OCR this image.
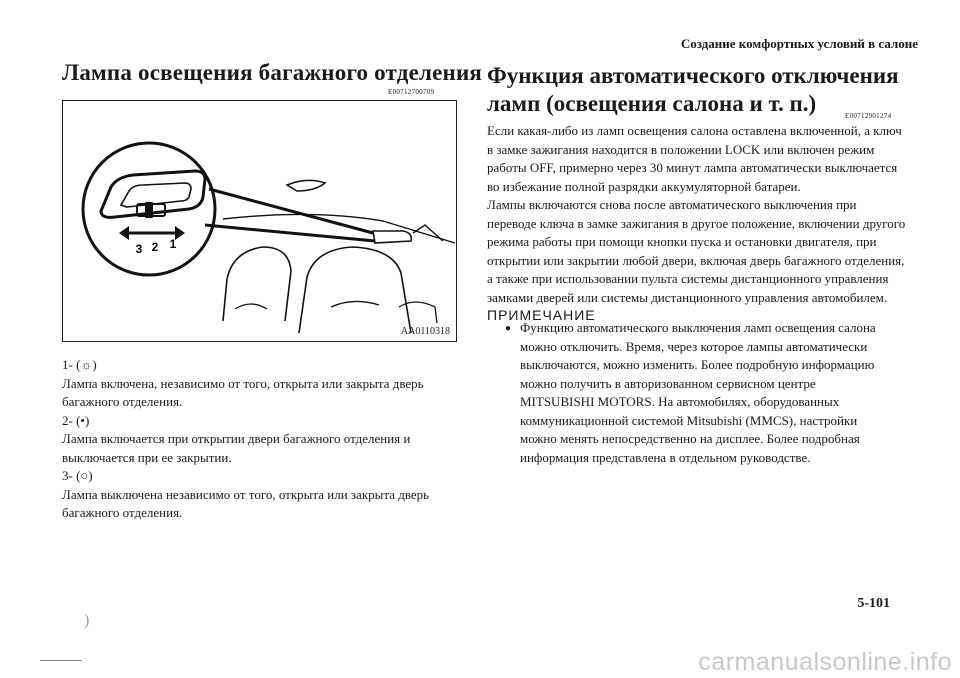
Создание комфортных условий в салоне
Лампа освещения багажного отделения
E00712700709
3 2 1
AA0110318

1- (☼)

Лампа включена, независимо от того, открыта или закрыта дверь багажного отделения.

2- (•)

Лампа включается при открытии двери багажного отделения и выключается при ее закрытии.

3- (○)

Лампа выключена независимо от того, открыта или закрыта дверь багажного отделения.

Функция автоматического отключения ламп (освещения салона и т. п.)	E00712901274
Если какая-либо из ламп освещения салона оставлена включенной, а ключ в замке зажигания находится в положении LOCK или включен режим работы OFF, примерно через 30 минут лампа автоматически выключается во избежание полной разрядки аккумуляторной батареи.
Лампы включаются снова после автоматического выключения при переводе ключа в замке зажигания в другое положение, включении другого режима работы при помощи кнопки пуска и остановки двигателя, при открытии или закрытии любой двери, включая дверь багажного отделения, а также при использовании пульта системы дистанционного управления замками дверей или системы дистанционного управления автомобилем.
ПРИМЕЧАНИЕ
● Функцию автоматического выключения ламп освещения салона можно отключить. Время, через которое лампы автоматически выключаются, можно изменить. Более подробную информацию можно получить в авторизованном сервисном центре MITSUBISHI MOTORS. На автомобилях, оборудованных коммуникационной системой Mitsubishi (MMCS), настройки можно менять непосредственно на дисплее. Более подробная информация представлена в отдельном руководстве.
)
5-101
carmanualsonline.info
